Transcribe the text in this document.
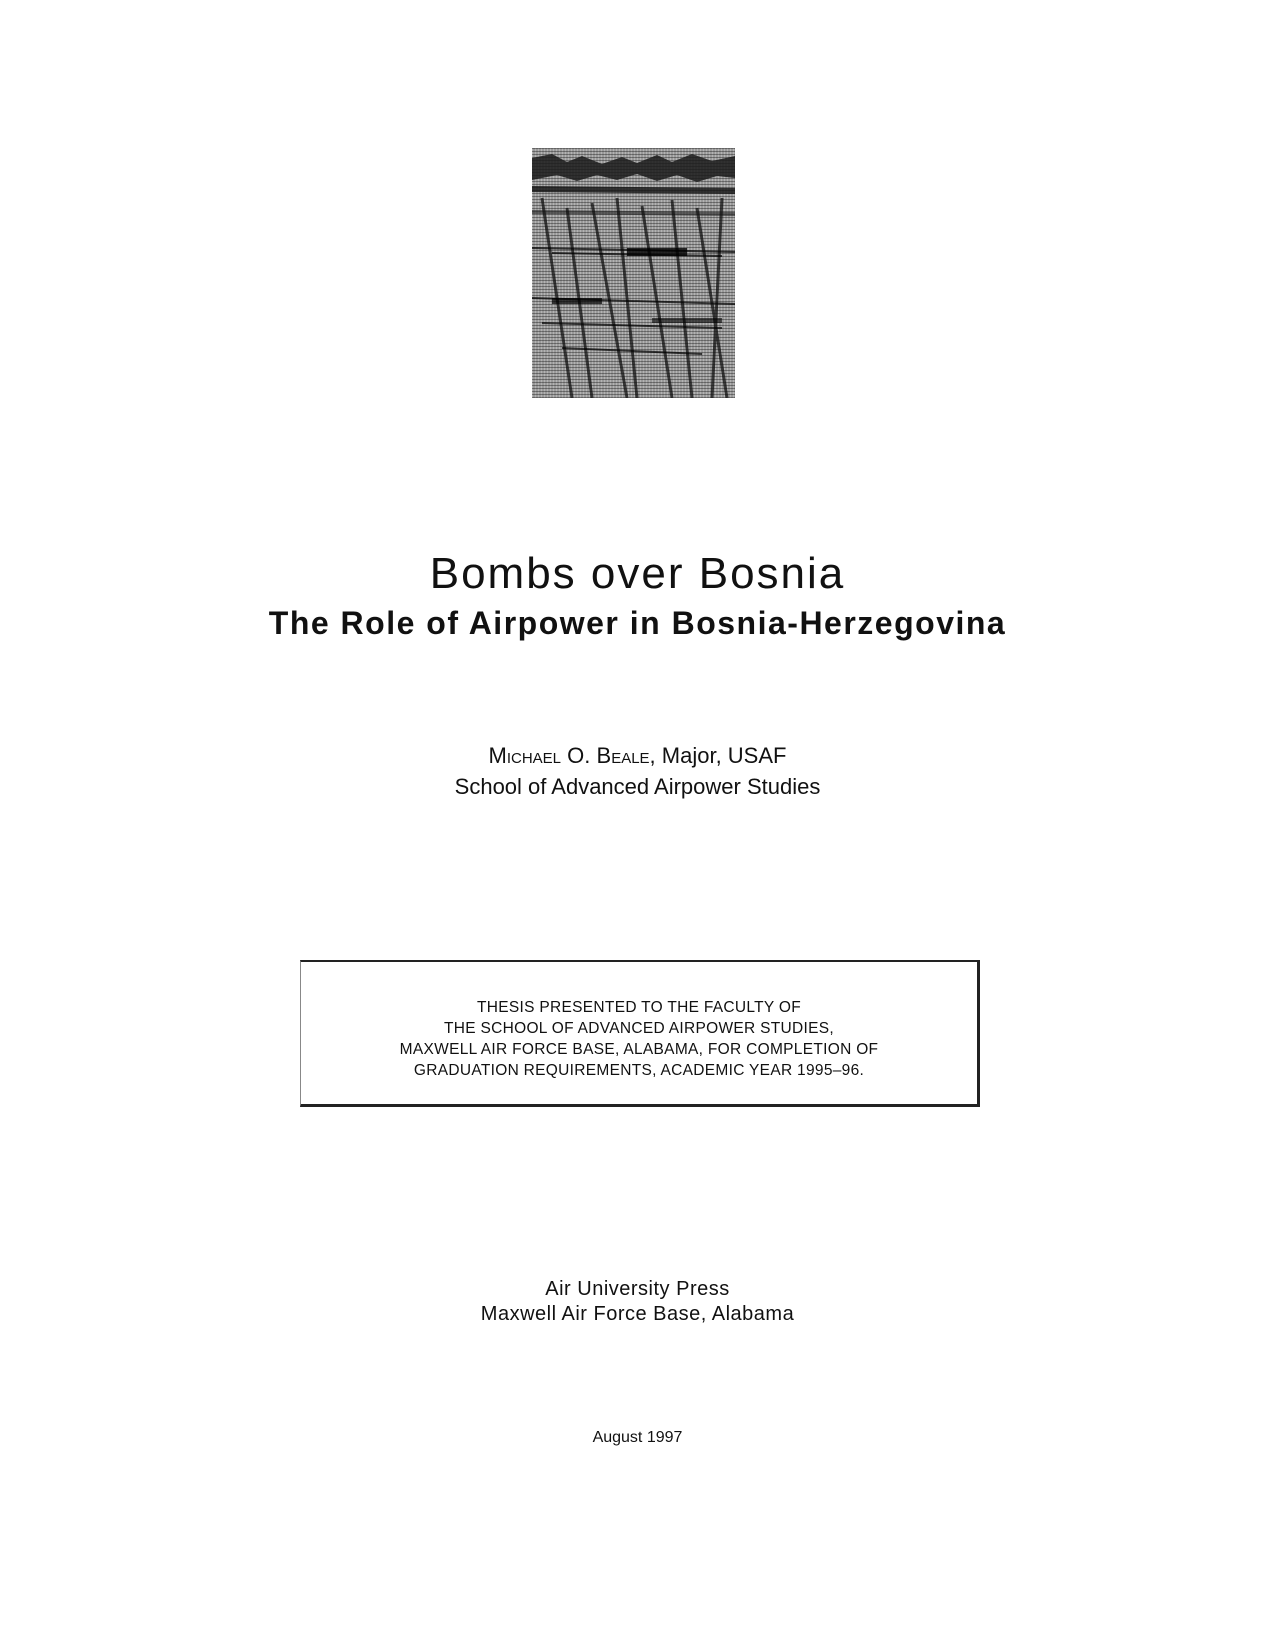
Bombs over Bosnia
The Role of Airpower in Bosnia-Herzegovina
Michael O. Beale, Major, USAF
School of Advanced Airpower Studies
THESIS PRESENTED TO THE FACULTY OF
THE SCHOOL OF ADVANCED AIRPOWER STUDIES,
MAXWELL AIR FORCE BASE, ALABAMA, FOR COMPLETION OF
GRADUATION REQUIREMENTS, ACADEMIC YEAR 1995–96.
Air University Press
Maxwell Air Force Base, Alabama
August 1997
